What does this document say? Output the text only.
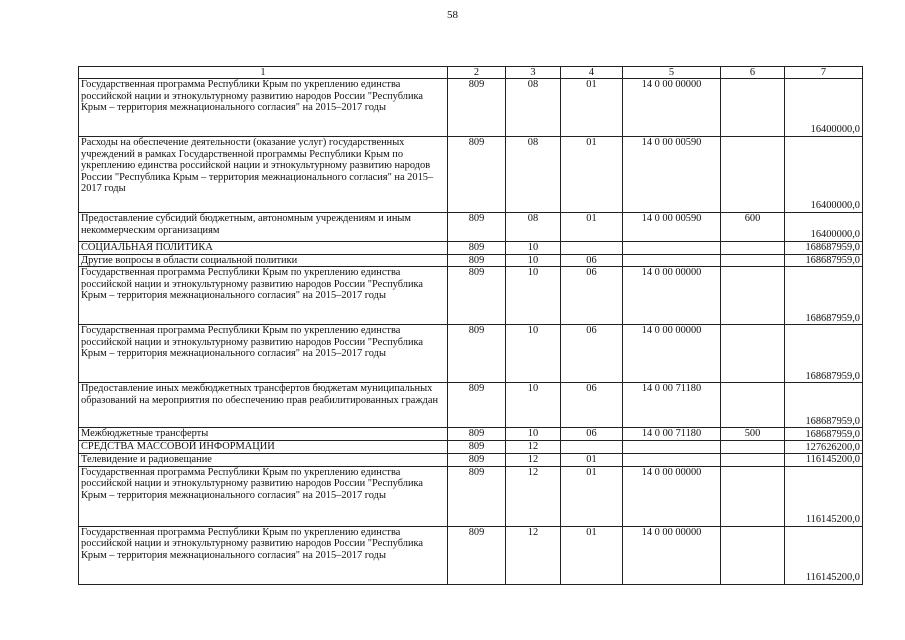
58
1	2	3	4	5	6	7
Государственная программа Республики Крым по укреплению единства российской нации и этнокультурному развитию народов России "Республика Крым – территория межнационального согласия" на 2015–2017 годы	809	08	01	14 0 00 00000		16400000,0
Расходы на обеспечение деятельности (оказание услуг) государственных учреждений в рамках Государственной программы Республики Крым по укреплению единства российской нации и этнокультурному развитию народов России "Республика Крым – территория межнационального согласия" на 2015–2017 годы	809	08	01	14 0 00 00590		16400000,0
Предоставление субсидий бюджетным, автономным учреждениям и иным некоммерческим организациям	809	08	01	14 0 00 00590	600	16400000,0
СОЦИАЛЬНАЯ ПОЛИТИКА	809	10				168687959,0
Другие вопросы в области социальной политики	809	10	06			168687959,0
Государственная программа Республики Крым по укреплению единства российской нации и этнокультурному развитию народов России "Республика Крым – территория межнационального согласия" на 2015–2017 годы	809	10	06	14 0 00 00000		168687959,0
Государственная программа Республики Крым по укреплению единства российской нации и этнокультурному развитию народов России "Республика Крым – территория межнационального согласия" на 2015–2017 годы	809	10	06	14 0 00 00000		168687959,0
Предоставление иных межбюджетных трансфертов бюджетам муниципальных образований на мероприятия по обеспечению прав реабилитированных граждан	809	10	06	14 0 00 71180		168687959,0
Межбюджетные трансферты	809	10	06	14 0 00 71180	500	168687959,0
СРЕДСТВА МАССОВОЙ ИНФОРМАЦИИ	809	12				127626200,0
Телевидение и радиовещание	809	12	01			116145200,0
Государственная программа Республики Крым по укреплению единства российской нации и этнокультурному развитию народов России "Республика Крым – территория межнационального согласия" на 2015–2017 годы	809	12	01	14 0 00 00000		116145200,0
Государственная программа Республики Крым по укреплению единства российской нации и этнокультурному развитию народов России "Республика Крым – территория межнационального согласия" на 2015–2017 годы	809	12	01	14 0 00 00000		116145200,0
